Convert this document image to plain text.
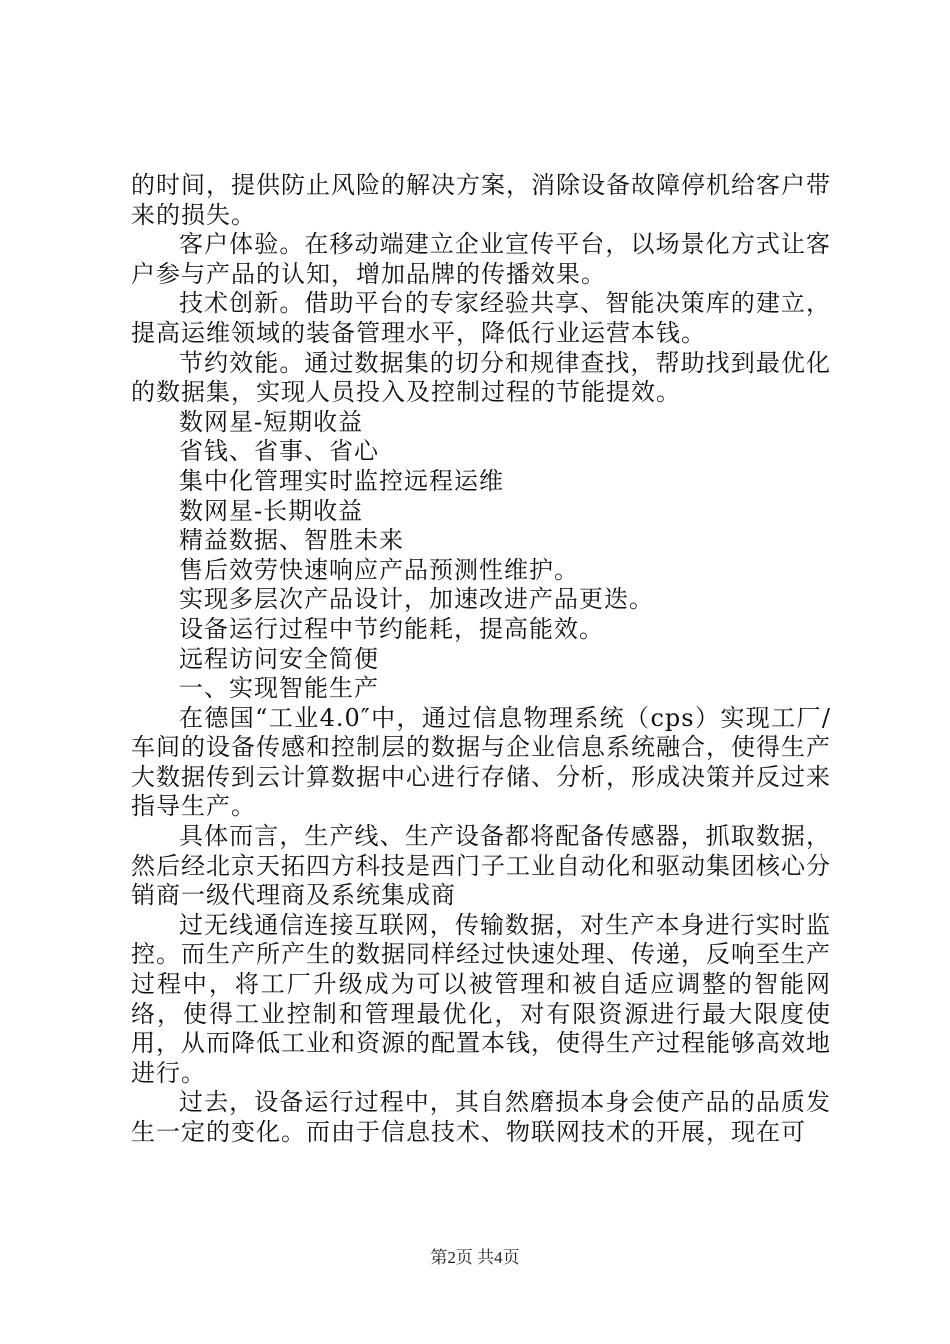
的时间，提供防止风险的解决方案，消除设备故障停机给客户带来的损失。

客户体验。在移动端建立企业宣传平台，以场景化方式让客户参与产品的认知，增加品牌的传播效果。

技术创新。借助平台的专家经验共享、智能决策库的建立，提高运维领域的装备管理水平，降低行业运营本钱。

节约效能。通过数据集的切分和规律查找，帮助找到最优化的数据集，实现人员投入及控制过程的节能提效。

数网星-短期收益

省钱、省事、省心

集中化管理实时监控远程运维

数网星-长期收益

精益数据、智胜未来

售后效劳快速响应产品预测性维护。

实现多层次产品设计，加速改进产品更迭。

设备运行过程中节约能耗，提高能效。

远程访问安全简便

一、实现智能生产

在德国“工业4.0″中，通过信息物理系统（cps）实现工厂/车间的设备传感和控制层的数据与企业信息系统融合，使得生产大数据传到云计算数据中心进行存储、分析，形成决策并反过来指导生产。

具体而言，生产线、生产设备都将配备传感器，抓取数据，然后经北京天拓四方科技是西门子工业自动化和驱动集团核心分销商一级代理商及系统集成商

过无线通信连接互联网，传输数据，对生产本身进行实时监控。而生产所产生的数据同样经过快速处理、传递，反响至生产过程中，将工厂升级成为可以被管理和被自适应调整的智能网络，使得工业控制和管理最优化，对有限资源进行最大限度使用，从而降低工业和资源的配置本钱，使得生产过程能够高效地进行。

过去，设备运行过程中，其自然磨损本身会使产品的品质发生一定的变化。而由于信息技术、物联网技术的开展，现在可

第2页 共4页
